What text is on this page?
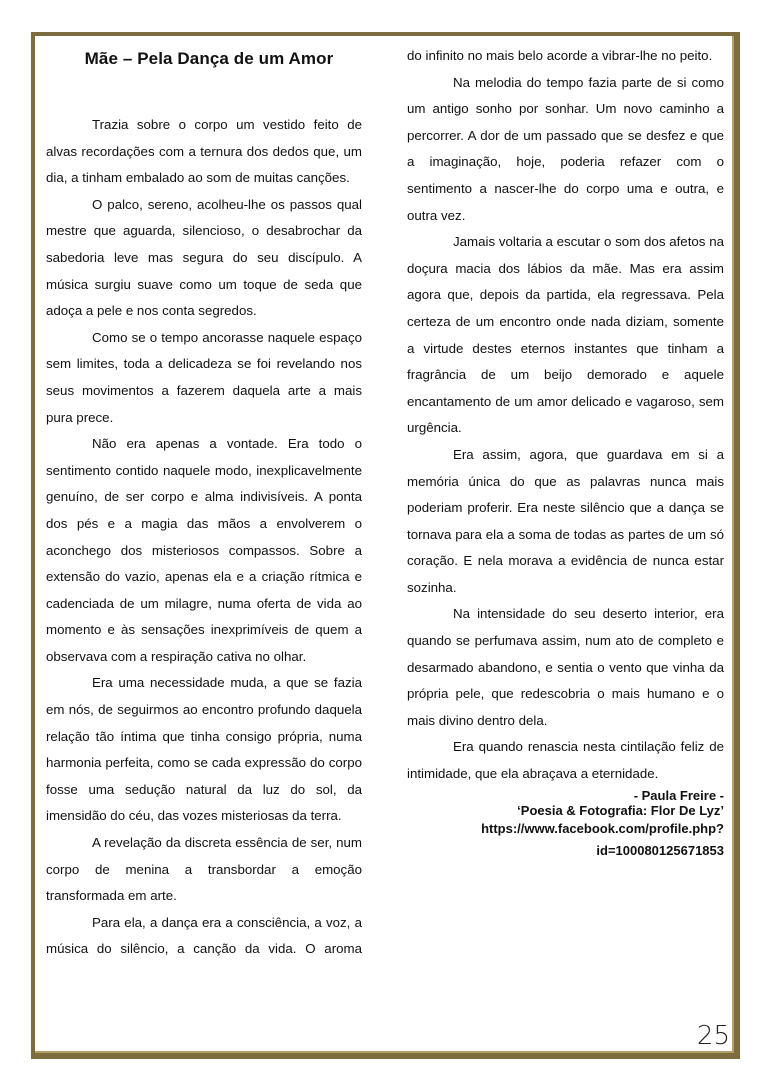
Mãe – Pela Dança de um Amor

Trazia sobre o corpo um vestido feito de alvas recordações com a ternura dos dedos que, um dia, a tinham embalado ao som de muitas canções.

O palco, sereno, acolheu-lhe os passos qual mestre que aguarda, silencioso, o desabrochar da sabedoria leve mas segura do seu discípulo. A música surgiu suave como um toque de seda que adoça a pele e nos conta segredos.

Como se o tempo ancorasse naquele espaço sem limites, toda a delicadeza se foi revelando nos seus movimentos a fazerem daquela arte a mais pura prece.

Não era apenas a vontade. Era todo o sentimento contido naquele modo, inexplicavelmente genuíno, de ser corpo e alma indivisíveis. A ponta dos pés e a magia das mãos a envolverem o aconchego dos misteriosos compassos. Sobre a extensão do vazio, apenas ela e a criação rítmica e cadenciada de um milagre, numa oferta de vida ao momento e às sensações inexprimíveis de quem a observava com a respiração cativa no olhar.

Era uma necessidade muda, a que se fazia em nós, de seguirmos ao encontro profundo daquela relação tão íntima que tinha consigo própria, numa harmonia perfeita, como se cada expressão do corpo fosse uma sedução natural da luz do sol, da imensidão do céu, das vozes misteriosas da terra.

A revelação da discreta essência de ser, num corpo de menina a transbordar a emoção transformada em arte.

Para ela, a dança era a consciência, a voz, a música do silêncio, a canção da vida. O aroma

do infinito no mais belo acorde a vibrar-lhe no peito.

Na melodia do tempo fazia parte de si como um antigo sonho por sonhar. Um novo caminho a percorrer. A dor de um passado que se desfez e que a imaginação, hoje, poderia refazer com o sentimento a nascer-lhe do corpo uma e outra, e outra vez.

Jamais voltaria a escutar o som dos afetos na doçura macia dos lábios da mãe. Mas era assim agora que, depois da partida, ela regressava. Pela certeza de um encontro onde nada diziam, somente a virtude destes eternos instantes que tinham a fragrância de um beijo demorado e aquele encantamento de um amor delicado e vagaroso, sem urgência.

Era assim, agora, que guardava em si a memória única do que as palavras nunca mais poderiam proferir. Era neste silêncio que a dança se tornava para ela a soma de todas as partes de um só coração. E nela morava a evidência de nunca estar sozinha.

Na intensidade do seu deserto interior, era quando se perfumava assim, num ato de completo e desarmado abandono, e sentia o vento que vinha da própria pele, que redescobria o mais humano e o mais divino dentro dela.

Era quando renascia nesta cintilação feliz de intimidade, que ela abraçava a eternidade.

- Paula Freire -

‘Poesia & Fotografia: Flor De Lyz’

https://www.facebook.com/profile.php?
id=100080125671853
25
